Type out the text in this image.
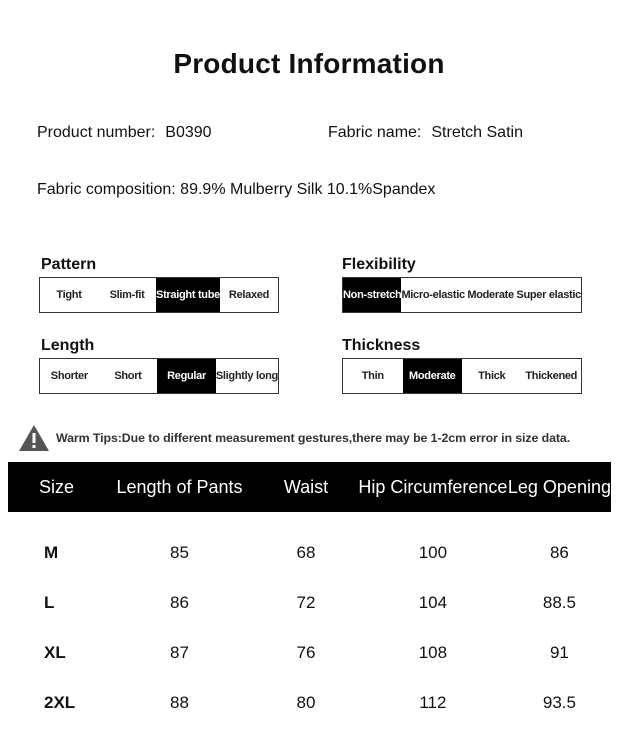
Product Information
Product number: B0390	Fabric name: Stretch Satin
Fabric composition: 89.9% Mulberry Silk 10.1%Spandex
Pattern
Tight	Slim-fit	Straight tube Relaxed
Flexibility
Non-stretch Micro-elastic Moderate Super elastic
Length
Shorter	Short	Regular Slightly long
Thickness
Thin	Moderate	Thick	Thickened
Warm Tips:Due to different measurement gestures,there may be 1-2cm error in size data.
Size	Length of Pants	Waist	Hip Circumference	Leg Opening
M	85	68	100	86
L	86	72	104	88.5
XL	87	76	108	91
2XL	88	80	112	93.5
